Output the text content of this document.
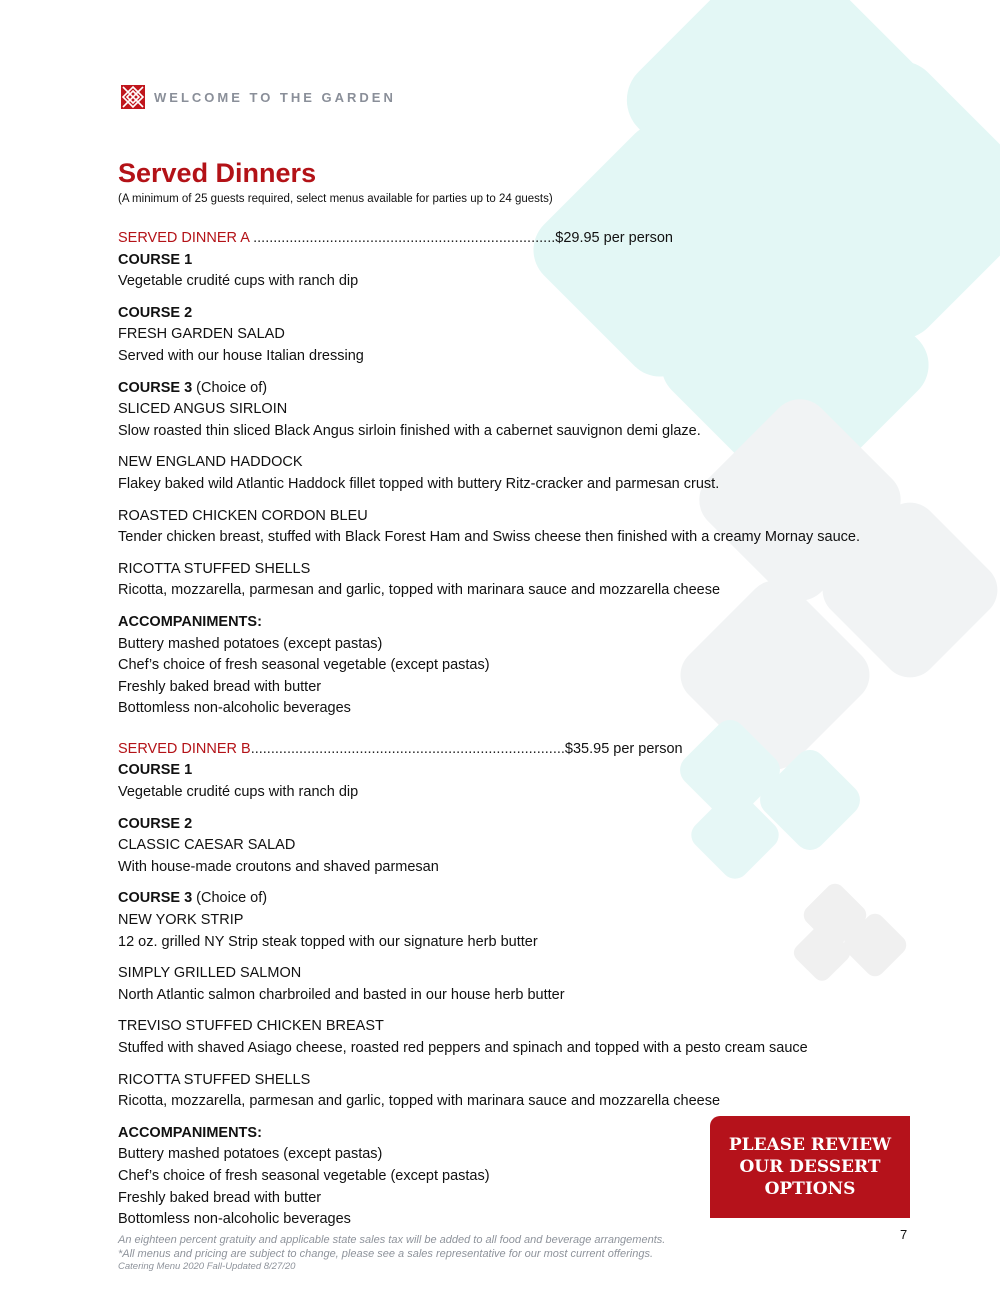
WELCOME TO THE GARDEN
Served Dinners
(A minimum of 25 guests required, select menus available for parties up to 24 guests)
SERVED DINNER A ...........................................................................$29.95 per person
COURSE 1
Vegetable crudité cups with ranch dip
COURSE 2
FRESH GARDEN SALAD
Served with our house Italian dressing
COURSE 3 (Choice of)
SLICED ANGUS SIRLOIN
Slow roasted thin sliced Black Angus sirloin finished with a cabernet sauvignon demi glaze.
NEW ENGLAND HADDOCK
Flakey baked wild Atlantic Haddock fillet topped with buttery Ritz-cracker and parmesan crust.
ROASTED CHICKEN CORDON BLEU
Tender chicken breast, stuffed with Black Forest Ham and Swiss cheese then finished with a creamy Mornay sauce.
RICOTTA STUFFED SHELLS
Ricotta, mozzarella, parmesan and garlic, topped with marinara sauce and mozzarella cheese
ACCOMPANIMENTS:
Buttery mashed potatoes (except pastas)
Chef’s choice of fresh seasonal vegetable (except pastas)
Freshly baked bread with butter
Bottomless non-alcoholic beverages
SERVED DINNER B..............................................................................$35.95 per person
COURSE 1
Vegetable crudité cups with ranch dip
COURSE 2
CLASSIC CAESAR SALAD
With house-made croutons and shaved parmesan
COURSE 3 (Choice of)
NEW YORK STRIP
12 oz. grilled NY Strip steak topped with our signature herb butter
SIMPLY GRILLED SALMON
North Atlantic salmon charbroiled and basted in our house herb butter
TREVISO STUFFED CHICKEN BREAST
Stuffed with shaved Asiago cheese, roasted red peppers and spinach and topped with a pesto cream sauce
RICOTTA STUFFED SHELLS
Ricotta, mozzarella, parmesan and garlic, topped with marinara sauce and mozzarella cheese
ACCOMPANIMENTS:
Buttery mashed potatoes (except pastas)
Chef’s choice of fresh seasonal vegetable (except pastas)
Freshly baked bread with butter
Bottomless non-alcoholic beverages
PLEASE REVIEW
OUR DESSERT
OPTIONS
An eighteen percent gratuity and applicable state sales tax will be added to all food and beverage arrangements.
*All menus and pricing are subject to change, please see a sales representative for our most current offerings.
Catering Menu 2020 Fall-Updated 8/27/20
7
